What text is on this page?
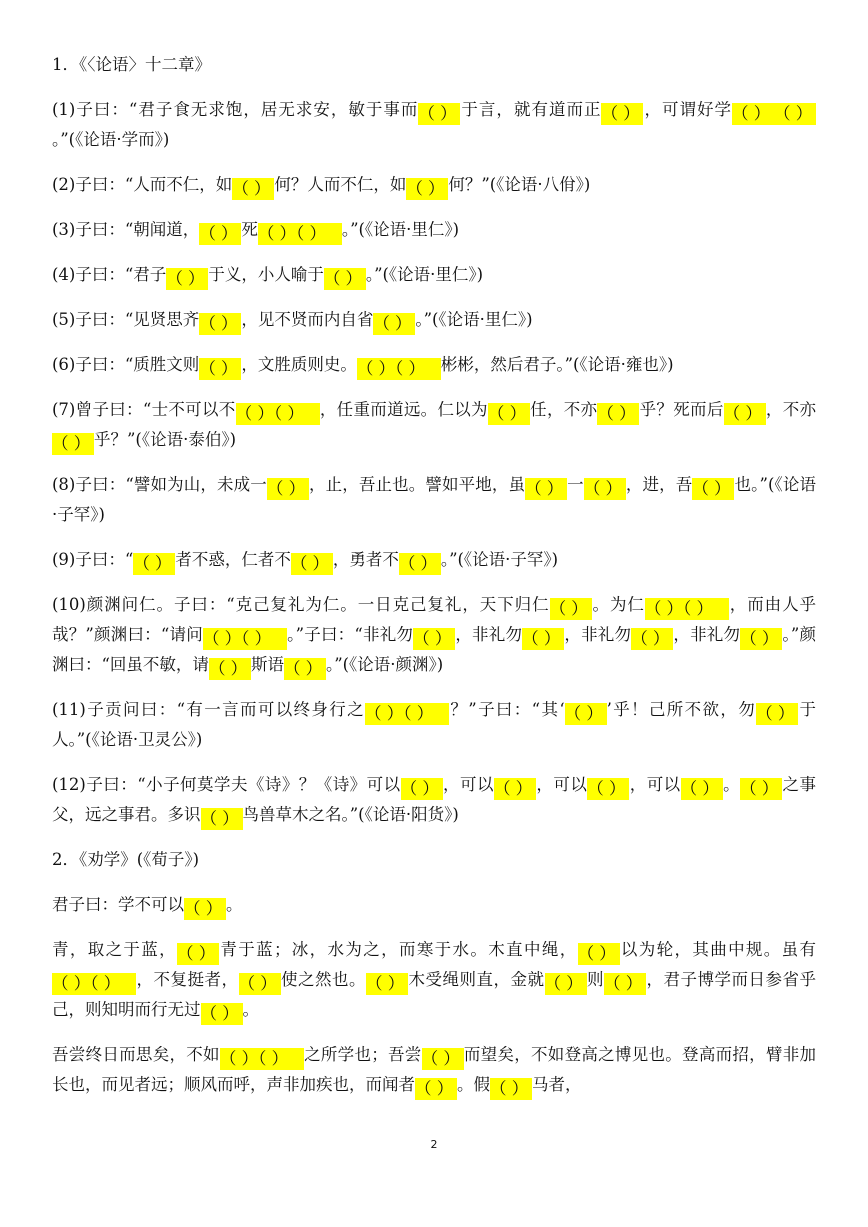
1．《〈论语〉十二章》

(1)子曰：“君子食无求饱，居无求安，敏于事而（ ） 于言，就有道而正（ ） ，可谓好学（ ） （ ）。”(《论语·学而》)

(2)子曰：“人而不仁，如（ ） 何？人而不仁，如（ ） 何？”(《论语·八佾》)

(3)子曰：“朝闻道，（ ） 死（ ）（ ） 。”(《论语·里仁》)

(4)子曰：“君子（ ） 于义，小人喻于（ ） 。”(《论语·里仁》)

(5)子曰：“见贤思齐（ ） ，见不贤而内自省（ ） 。”(《论语·里仁》)

(6)子曰：“质胜文则（ ） ，文胜质则史。（ ）（ ） 彬彬，然后君子。”(《论语·雍也》)

(7)曾子曰：“士不可以不（ ）（ ） ，任重而道远。仁以为（ ） 任，不亦（ ） 乎？死而后（ ） ，不亦（ ） 乎？”(《论语·泰伯》)

(8)子曰：“譬如为山，未成一（ ） ，止，吾止也。譬如平地，虽（ ） 一（ ） ，进，吾（ ） 也。”(《论语·子罕》)

(9)子曰：“（ ） 者不惑，仁者不（ ） ，勇者不（ ） 。”(《论语·子罕》)

(10)颜渊问仁。子曰：“克己复礼为仁。一日克己复礼，天下归仁（ ） 。为仁（ ）（ ） ，而由人乎哉？”颜渊曰：“请问（ ）（ ） 。”子曰：“非礼勿（ ） ，非礼勿（ ） ，非礼勿（ ） ，非礼勿（ ） 。”颜渊曰：“回虽不敏，请（ ） 斯语（ ） 。”(《论语·颜渊》)

(11)子贡问曰：“有一言而可以终身行之（ ）（ ） ？”子曰：“其‘（ ） ’乎！己所不欲，勿（ ） 于人。”(《论语·卫灵公》)

(12)子曰：“小子何莫学夫《诗》？《诗》可以（ ） ，可以（ ） ，可以（ ） ，可以（ ） 。（ ） 之事父，远之事君。多识（ ） 鸟兽草木之名。”(《论语·阳货》)

2．《劝学》(《荀子》)

君子曰：学不可以（ ） 。

青，取之于蓝，（ ） 青于蓝；冰，水为之，而寒于水。木直中绳，（ ） 以为轮，其曲中规。虽有（ ）（ ） ，不复挺者，（ ） 使之然也。（ ） 木受绳则直，金就（ ） 则（ ） ，君子博学而日参省乎己，则知明而行无过（ ） 。

吾尝终日而思矣，不如（ ）（ ） 之所学也；吾尝（ ） 而望矣，不如登高之博见也。登高而招，臂非加长也，而见者远；顺风而呼，声非加疾也，而闻者（ ） 。假（ ） 马者，

2
